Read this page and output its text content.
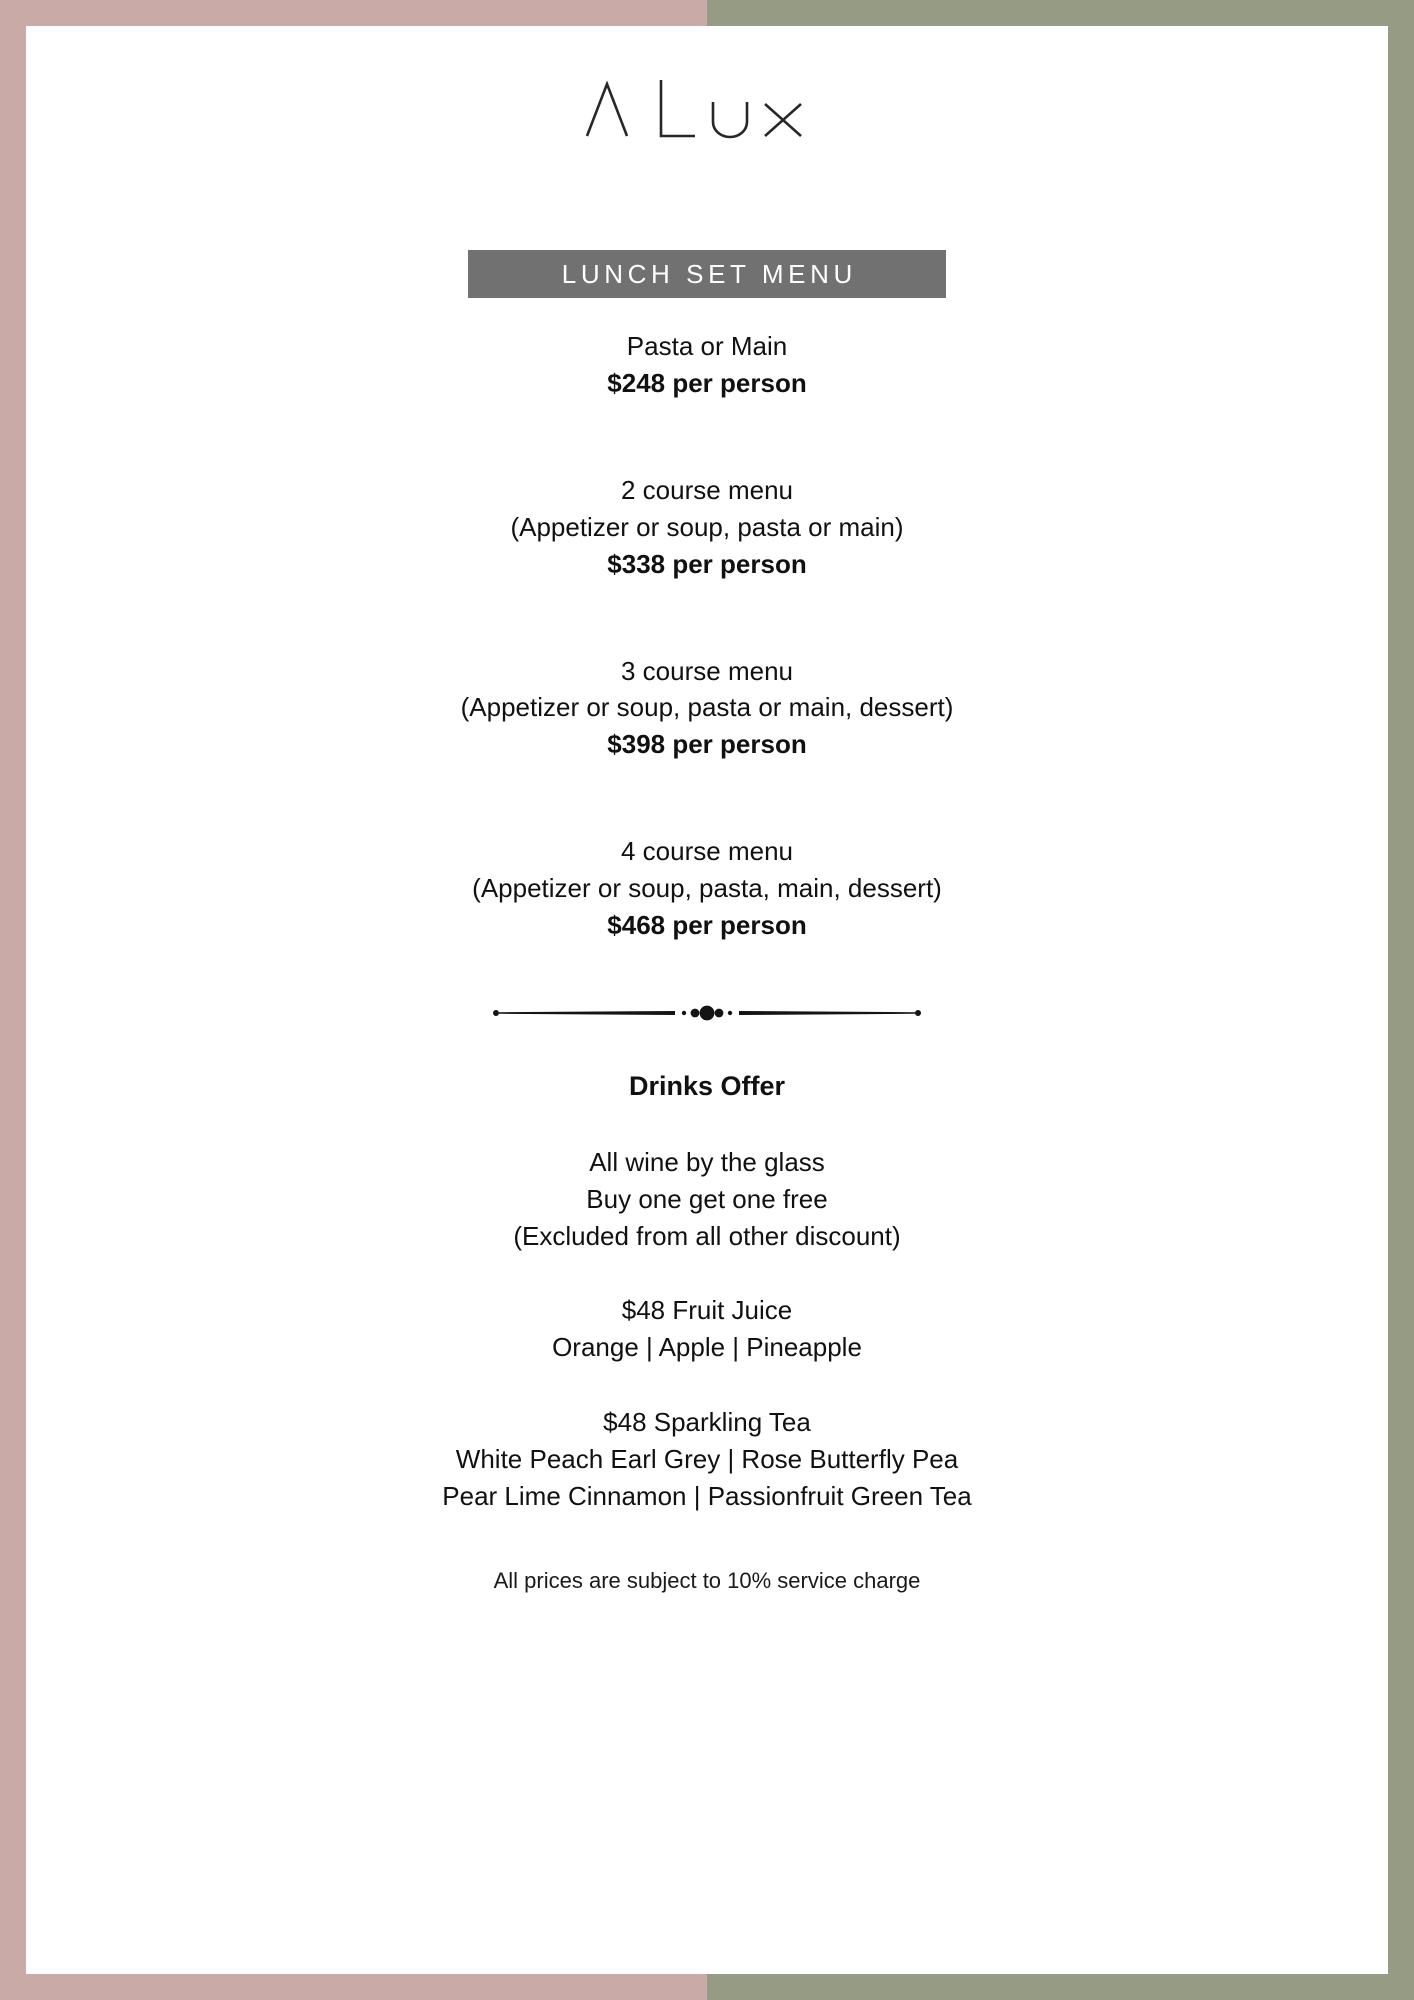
LUNCH SET MENU
Pasta or Main
$248 per person
2 course menu
(Appetizer or soup, pasta or main)
$338 per person
3 course menu
(Appetizer or soup, pasta or main, dessert)
$398 per person
4 course menu
(Appetizer or soup, pasta, main, dessert)
$468 per person
Drinks Offer
All wine by the glass
Buy one get one free
(Excluded from all other discount)
$48 Fruit Juice
Orange | Apple | Pineapple
$48 Sparkling Tea
White Peach Earl Grey | Rose Butterfly Pea
Pear Lime Cinnamon | Passionfruit Green Tea
All prices are subject to 10% service charge
